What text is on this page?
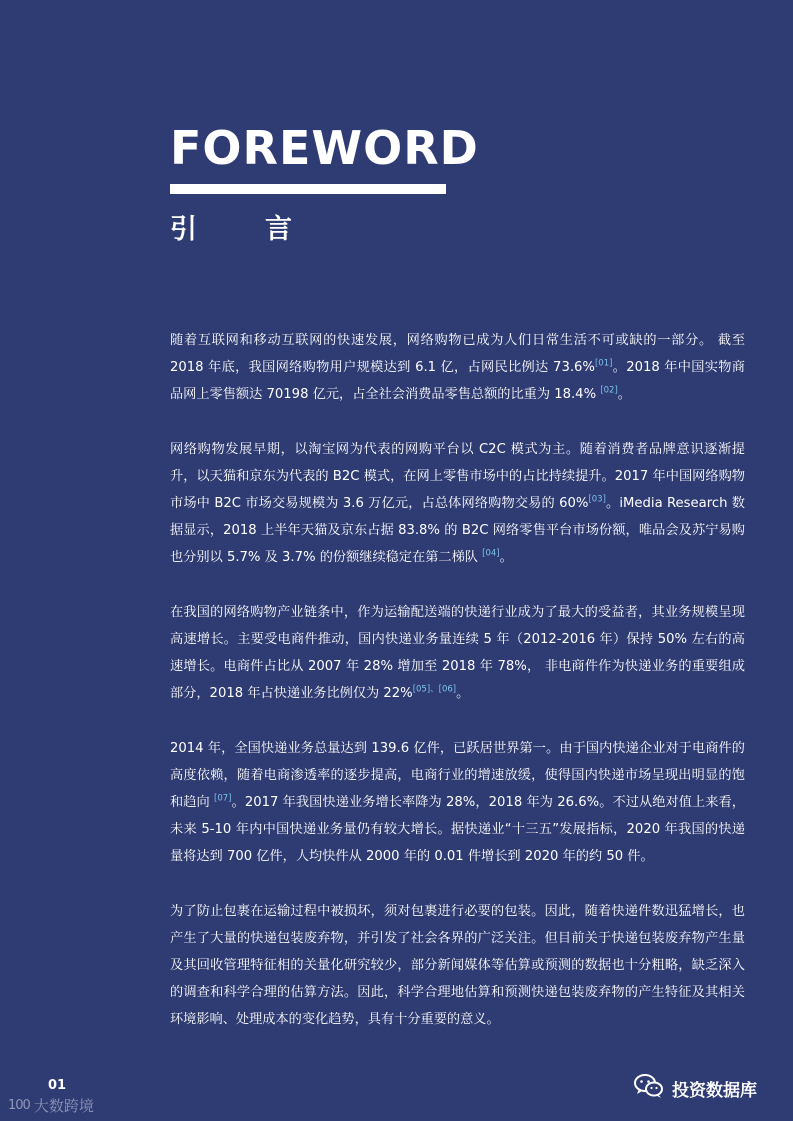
FOREWORD
引言

随着互联网和移动互联网的快速发展，网络购物已成为人们日常生活不可或缺的一部分。 截至 2018 年底，我国网络购物用户规模达到 6.1 亿，占网民比例达 73.6%[01]。2018 年中国实物商品网上零售额达 70198 亿元，占全社会消费品零售总额的比重为 18.4% [02]。

网络购物发展早期，以淘宝网为代表的网购平台以 C2C 模式为主。随着消费者品牌意识逐渐提升，以天猫和京东为代表的 B2C 模式，在网上零售市场中的占比持续提升。2017 年中国网络购物市场中 B2C 市场交易规模为 3.6 万亿元，占总体网络购物交易的 60%[03]。iMedia Research 数据显示，2018 上半年天猫及京东占据 83.8% 的 B2C 网络零售平台市场份额，唯品会及苏宁易购也分别以 5.7% 及 3.7% 的份额继续稳定在第二梯队 [04]。

在我国的网络购物产业链条中，作为运输配送端的快递行业成为了最大的受益者，其业务规模呈现高速增长。主要受电商件推动，国内快递业务量连续 5 年（2012-2016 年）保持 50% 左右的高速增长。电商件占比从 2007 年 28% 增加至 2018 年 78%， 非电商件作为快递业务的重要组成部分，2018 年占快递业务比例仅为 22%[05]、[06]。

2014 年，全国快递业务总量达到 139.6 亿件，已跃居世界第一。由于国内快递企业对于电商件的高度依赖，随着电商渗透率的逐步提高，电商行业的增速放缓，使得国内快递市场呈现出明显的饱和趋向 [07]。2017 年我国快递业务增长率降为 28%，2018 年为 26.6%。不过从绝对值上来看，未来 5-10 年内中国快递业务量仍有较大增长。据快递业“十三五”发展指标，2020 年我国的快递量将达到 700 亿件，人均快件从 2000 年的 0.01 件增长到 2020 年的约 50 件。

为了防止包裹在运输过程中被损坏，须对包裹进行必要的包装。因此，随着快递件数迅猛增长，也产生了大量的快递包装废弃物，并引发了社会各界的广泛关注。但目前关于快递包装废弃物产生量及其回收管理特征相的关量化研究较少，部分新闻媒体等估算或预测的数据也十分粗略，缺乏深入的调查和科学合理的估算方法。因此，科学合理地估算和预测快递包装废弃物的产生特征及其相关环境影响、处理成本的变化趋势，具有十分重要的意义。

01
100 大数跨境
投资数据库
